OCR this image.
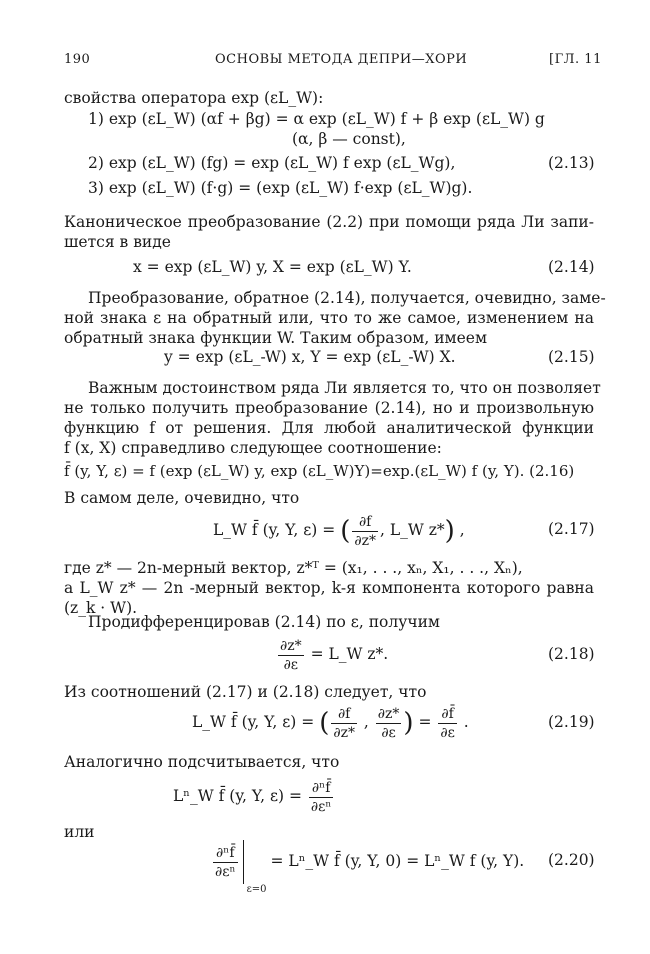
190	ОСНОВЫ МЕТОДА ДЕПРИ—ХОРИ	[ГЛ. 11
свойства оператора exp (εL_W):
1) exp (εL_W) (αf + βg) = α exp (εL_W) f + β exp (εL_W) g
(α, β — const),
2) exp (εL_W) (fg) = exp (εL_W) f exp (εL_Wg),	(2.13)
3) exp (εL_W) (f·g) = (exp (εL_W) f·exp (εL_W)g).
Каноническое преобразование (2.2) при помощи ряда Ли запи-
шется в виде
x = exp (εL_W) y, X = exp (εL_W) Y.	(2.14)
Преобразование, обратное (2.14), получается, очевидно, заме-
ной знака ε на обратный или, что то же самое, изменением на
обратный знака функции W. Таким образом, имеем
y = exp (εL_-W) x, Y = exp (εL_-W) X.	(2.15)
Важным достоинством ряда Ли является то, что он позволяет
не только получить преобразование (2.14), но и произвольную
функцию f от решения. Для любой аналитической функции
f (x, X) справедливо следующее соотношение:
f̄ (y, Y, ε) = f (exp (εL_W) y, exp (εL_W)Y)=exp.(εL_W) f (y, Y). (2.16)
В самом деле, очевидно, что
L_W f̄ (y, Y, ε) = ( $\frac{\partial f}{\partial z*}$ , L_W z*) ,	(2.17)
где z* — 2n-мерный вектор, z*ᵀ = (x₁, . . ., xₙ, X₁, . . ., Xₙ),
а L_W z* — 2n -мерный вектор, k-я компонента которого равна
(z_k · W).
Продифференцировав (2.14) по ε, получим
$\frac{\partial z*}{\partial\varepsilon}$ = L_W z*.	(2.18)
Из соотношений (2.17) и (2.18) следует, что
L_W f̄ (y, Y, ε) = ( $\frac{\partial f}{\partial z*}$ , $\frac{\partial z*}{\partial\varepsilon}$ ) = $\frac{\partial f̄}{\partial\varepsilon}$ .	(2.19)
Аналогично подсчитывается, что
Lⁿ_W f̄ (y, Y, $\varepsilon) = \frac{\text{∂ⁿf̄}}{\text{∂εⁿ}}$
или
$\frac{\text{∂ⁿf̄}}{\text{∂εⁿ}}$
ε=0
= Lⁿ_W f̄ (y, Y, 0) = Lⁿ_W f (y, Y). (2.20)
